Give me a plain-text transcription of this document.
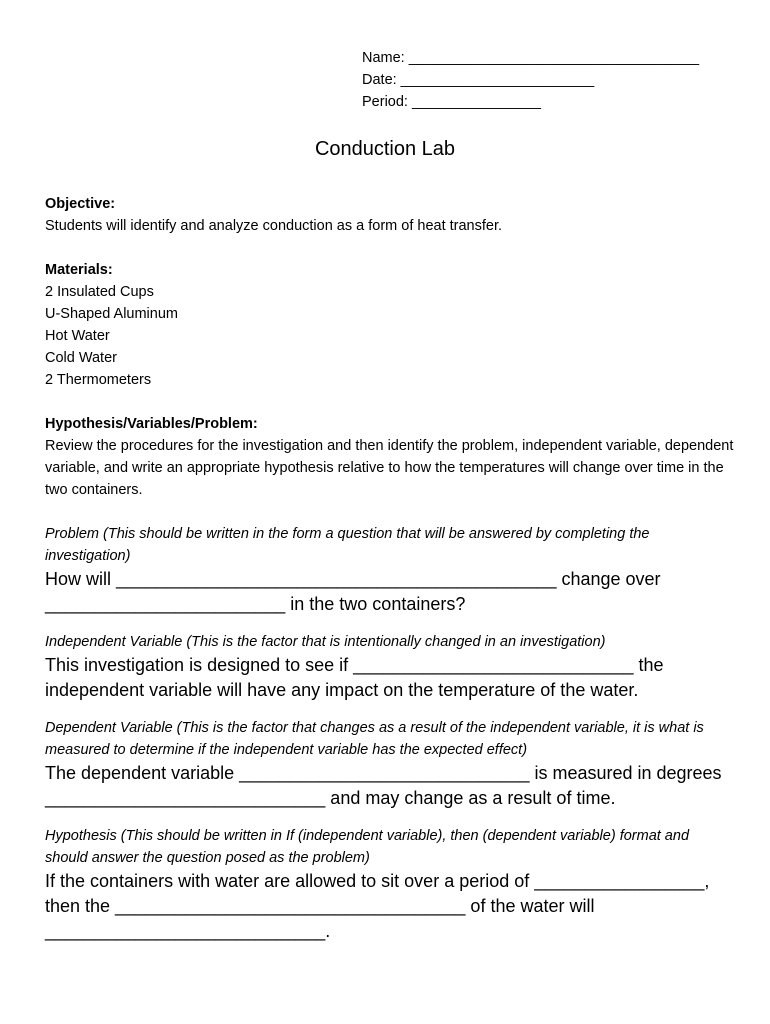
Name: ____________________________________
Date: ________________________
Period: ________________
Conduction Lab

Objective:

Students will identify and analyze conduction as a form of heat transfer.

Materials:

2 Insulated Cups

U-Shaped Aluminum

Hot Water

Cold Water

2 Thermometers

Hypothesis/Variables/Problem:

Review the procedures for the investigation and then identify the problem, independent variable, dependent variable, and write an appropriate hypothesis relative to how the temperatures will change over time in the two containers.

Problem (This should be written in the form a question that will be answered by completing the investigation)

How will ____________________________________________ change over ________________________ in the two containers?

Independent Variable (This is the factor that is intentionally changed in an investigation)

This investigation is designed to see if ____________________________ the independent variable will have any impact on the temperature of the water.

Dependent Variable (This is the factor that changes as a result of the independent variable, it is what is measured to determine if the independent variable has the expected effect)

The dependent variable _____________________________ is measured in degrees ____________________________ and may change as a result of time.

Hypothesis (This should be written in If (independent variable), then (dependent variable) format and should answer the question posed as the problem)

If the containers with water are allowed to sit over a period of _________________, then the ___________________________________ of the water will ____________________________.
